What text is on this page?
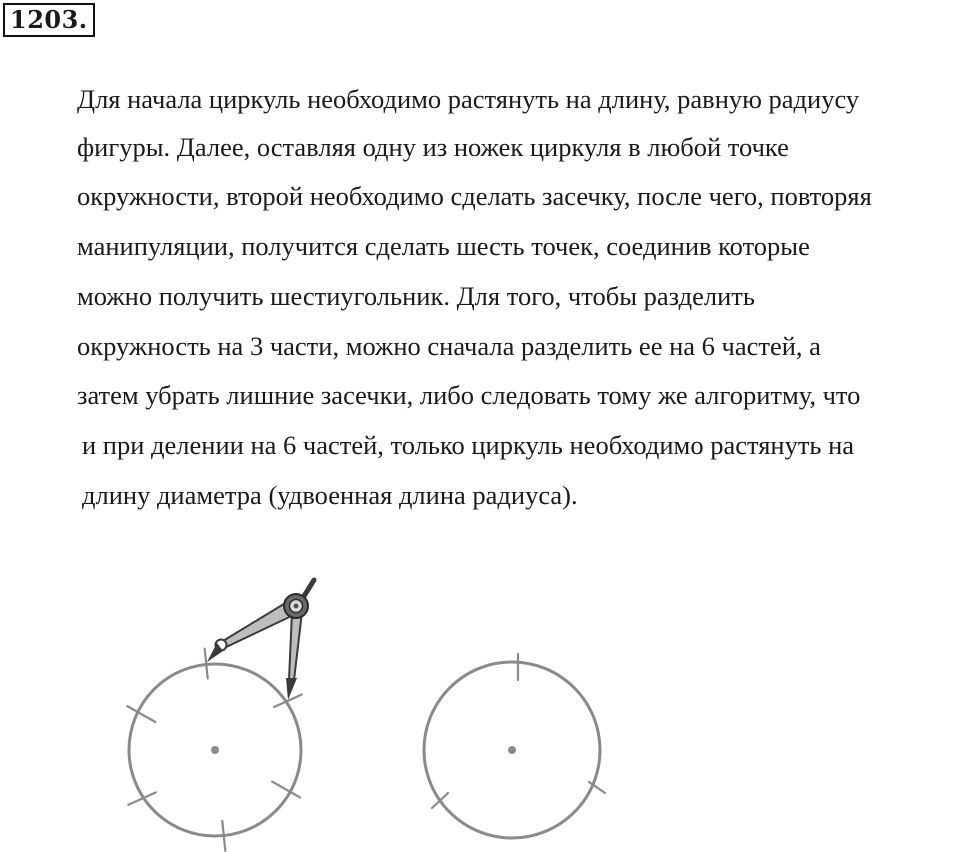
1203.
Для начала циркуль необходимо растянуть на длину, равную радиусу
фигуры. Далее, оставляя одну из ножек циркуля в любой точке
окружности, второй необходимо сделать засечку, после чего, повторяя
манипуляции, получится сделать шесть точек, соединив которые
можно получить шестиугольник. Для того, чтобы разделить
окружность на 3 части, можно сначала разделить ее на 6 частей, а
затем убрать лишние засечки, либо следовать тому же алгоритму, что
и при делении на 6 частей, только циркуль необходимо растянуть на
длину диаметра (удвоенная длина радиуса).
